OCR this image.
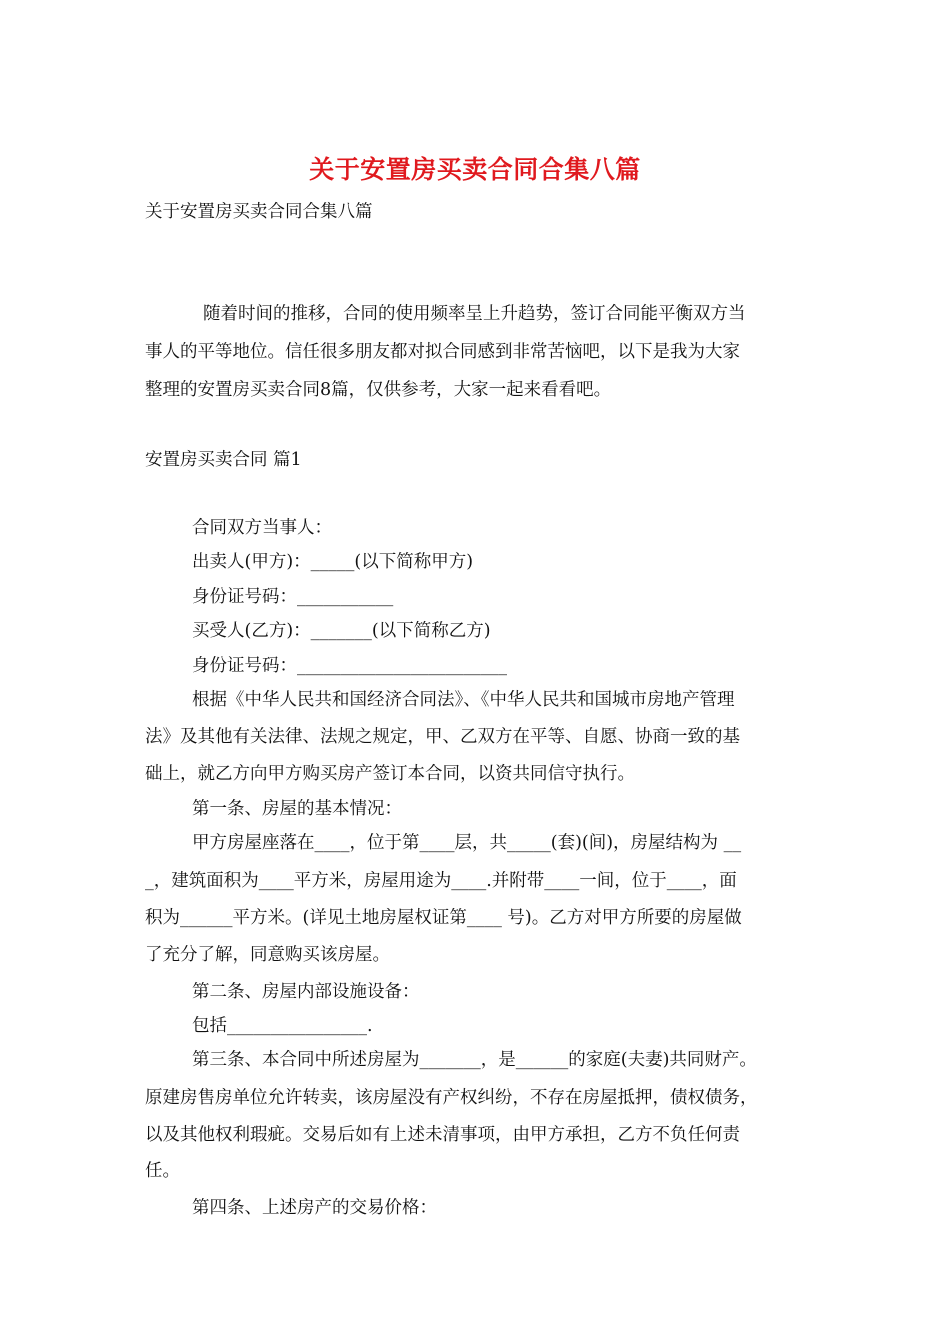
关于安置房买卖合同合集八篇
关于安置房买卖合同合集八篇
随着时间的推移，合同的使用频率呈上升趋势，签订合同能平衡双方当
事人的平等地位。信任很多朋友都对拟合同感到非常苦恼吧，以下是我为大家
整理的安置房买卖合同8篇，仅供参考，大家一起来看看吧。
安置房买卖合同 篇1
合同双方当事人：
出卖人(甲方)：_____(以下简称甲方)
身份证号码：___________
买受人(乙方)：_______(以下简称乙方)
身份证号码：________________________
根据《中华人民共和国经济合同法》、《中华人民共和国城市房地产管理
法》及其他有关法律、法规之规定，甲、乙双方在平等、自愿、协商一致的基
础上，就乙方向甲方购买房产签订本合同，以资共同信守执行。
第一条、房屋的基本情况：
甲方房屋座落在____，位于第____层，共_____(套)(间)，房屋结构为 __
_，建筑面积为____平方米，房屋用途为____.并附带____一间，位于____，面
积为______平方米。(详见土地房屋权证第____ 号)。乙方对甲方所要的房屋做
了充分了解，同意购买该房屋。
第二条、房屋内部设施设备：
包括________________.
第三条、本合同中所述房屋为_______，是______的家庭(夫妻)共同财产。
原建房售房单位允许转卖，该房屋没有产权纠纷，不存在房屋抵押，债权债务，
以及其他权利瑕疵。交易后如有上述未清事项，由甲方承担，乙方不负任何责
任。
第四条、上述房产的交易价格：
